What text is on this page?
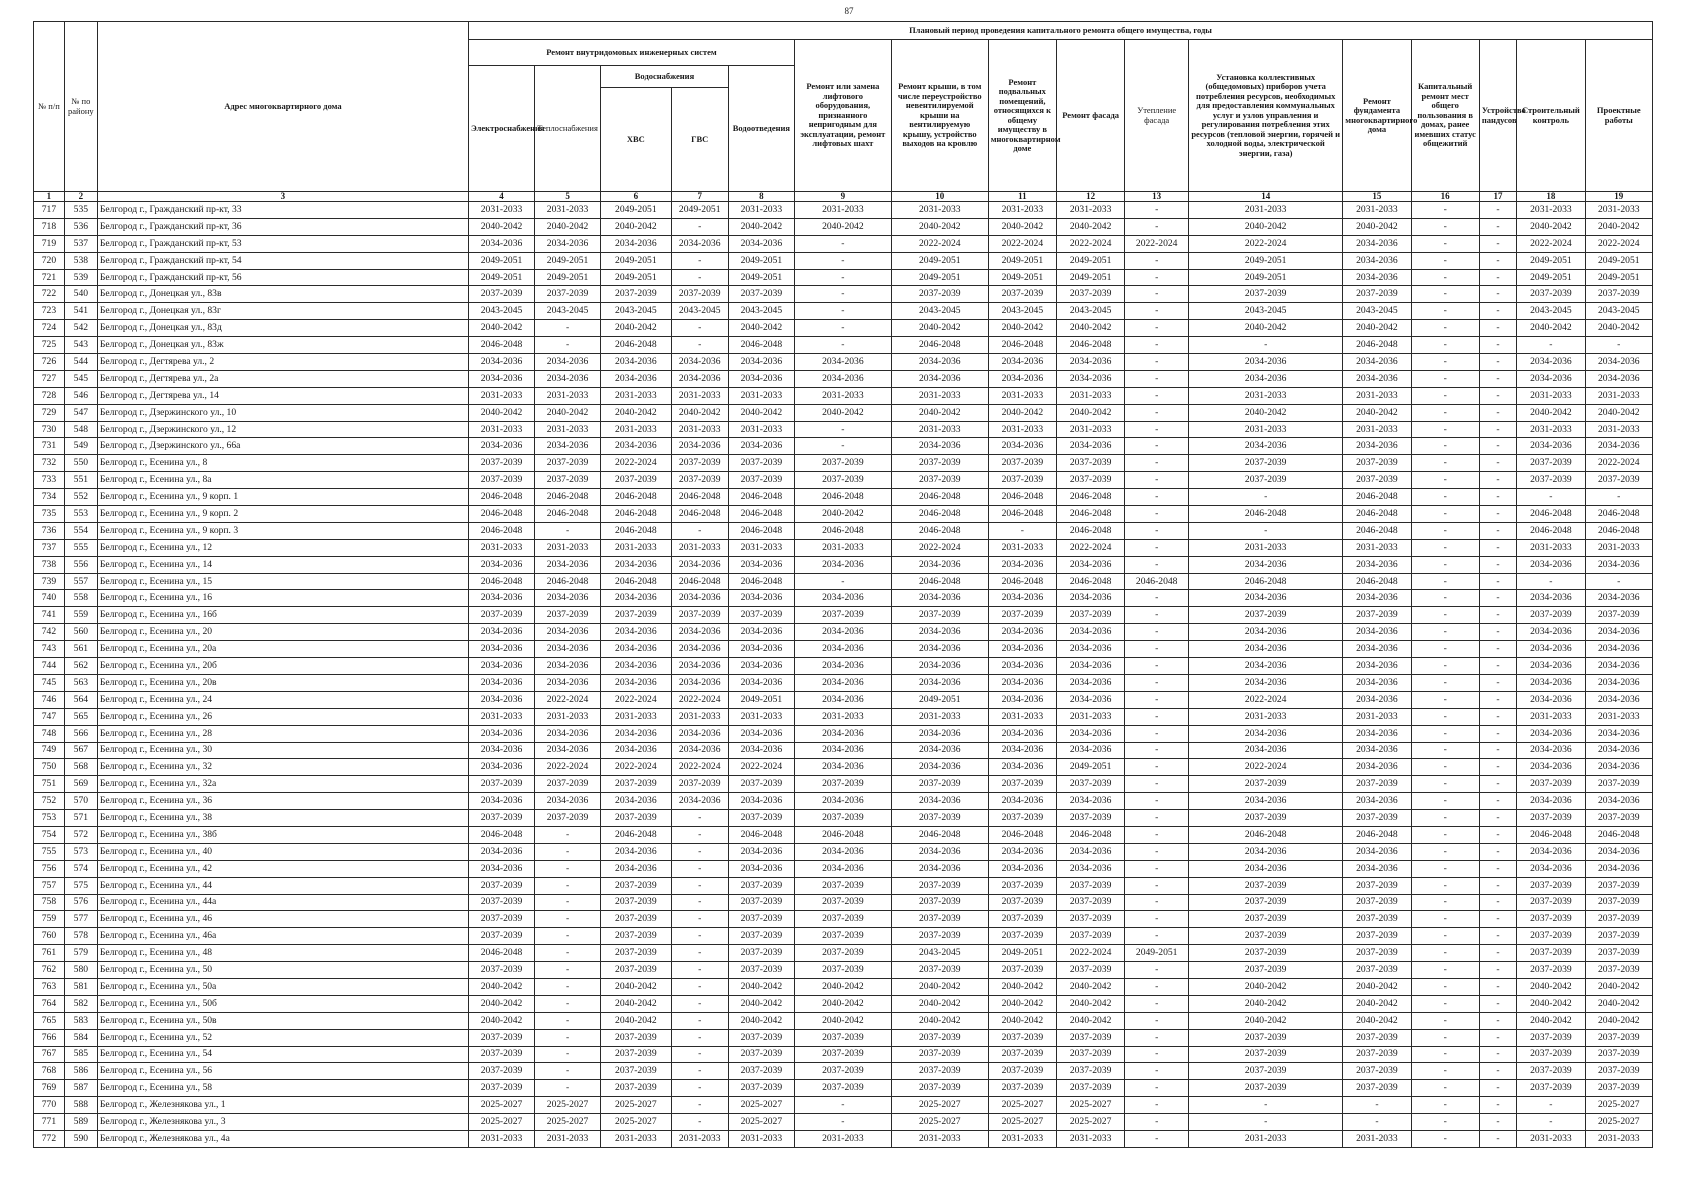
87
№ п/п	№ по району	Адрес многоквартирного дома	Плановый период проведения капитального ремонта общего имущества, годы															
			Ремонт внутридомовых инженерных систем					Ремонт или замена лифтового оборудования, признанного непригодным для эксплуатации, ремонт лифтовых шахт	Ремонт крыши, в том числе переустройство невентилируемой крыши на вентилируемую крышу, устройство выходов на кровлю	Ремонт подвальных помещений, относящихся к общему имуществу в многоквартирном доме	Ремонт фасада	Утепление фасада	Установка коллективных (общедомовых) приборов учета потребления ресурсов, необходимых для предоставления коммунальных услуг и узлов управления и регулирования потребления этих ресурсов (тепловой энергии, горячей и холодной воды, электрической энергии, газа)	Ремонт фундамента многоквартирного дома	Капитальный ремонт мест общего пользования в домах, ранее имевших статус общежитий	Устройство пандусов	Строительный контроль	Проектные работы
			Электроснабжения	Теплоснабжения	Водоснабжения		Водоотведения											
					ХВС	ГВС												
1	2	3	4	5	6	7	8	9	10	11	12	13	14	15	16	17	18	19
717	535	Белгород г., Гражданский пр-кт, 33	2031-2033	2031-2033	2049-2051	2049-2051	2031-2033	2031-2033	2031-2033	2031-2033	2031-2033	-	2031-2033	2031-2033	-	-	2031-2033	2031-2033
718	536	Белгород г., Гражданский пр-кт, 36	2040-2042	2040-2042	2040-2042	-	2040-2042	2040-2042	2040-2042	2040-2042	2040-2042	-	2040-2042	2040-2042	-	-	2040-2042	2040-2042
719	537	Белгород г., Гражданский пр-кт, 53	2034-2036	2034-2036	2034-2036	2034-2036	2034-2036	-	2022-2024	2022-2024	2022-2024	2022-2024	2022-2024	2034-2036	-	-	2022-2024	2022-2024
720	538	Белгород г., Гражданский пр-кт, 54	2049-2051	2049-2051	2049-2051	-	2049-2051	-	2049-2051	2049-2051	2049-2051	-	2049-2051	2034-2036	-	-	2049-2051	2049-2051
721	539	Белгород г., Гражданский пр-кт, 56	2049-2051	2049-2051	2049-2051	-	2049-2051	-	2049-2051	2049-2051	2049-2051	-	2049-2051	2034-2036	-	-	2049-2051	2049-2051
722	540	Белгород г., Донецкая ул., 83в	2037-2039	2037-2039	2037-2039	2037-2039	2037-2039	-	2037-2039	2037-2039	2037-2039	-	2037-2039	2037-2039	-	-	2037-2039	2037-2039
723	541	Белгород г., Донецкая ул., 83г	2043-2045	2043-2045	2043-2045	2043-2045	2043-2045	-	2043-2045	2043-2045	2043-2045	-	2043-2045	2043-2045	-	-	2043-2045	2043-2045
724	542	Белгород г., Донецкая ул., 83д	2040-2042	-	2040-2042	-	2040-2042	-	2040-2042	2040-2042	2040-2042	-	2040-2042	2040-2042	-	-	2040-2042	2040-2042
725	543	Белгород г., Донецкая ул., 83ж	2046-2048	-	2046-2048	-	2046-2048	-	2046-2048	2046-2048	2046-2048	-	-	2046-2048	-	-	-	-
726	544	Белгород г., Дегтярева ул., 2	2034-2036	2034-2036	2034-2036	2034-2036	2034-2036	2034-2036	2034-2036	2034-2036	2034-2036	-	2034-2036	2034-2036	-	-	2034-2036	2034-2036
727	545	Белгород г., Дегтярева ул., 2а	2034-2036	2034-2036	2034-2036	2034-2036	2034-2036	2034-2036	2034-2036	2034-2036	2034-2036	-	2034-2036	2034-2036	-	-	2034-2036	2034-2036
728	546	Белгород г., Дегтярева ул., 14	2031-2033	2031-2033	2031-2033	2031-2033	2031-2033	2031-2033	2031-2033	2031-2033	2031-2033	-	2031-2033	2031-2033	-	-	2031-2033	2031-2033
729	547	Белгород г., Дзержинского ул., 10	2040-2042	2040-2042	2040-2042	2040-2042	2040-2042	2040-2042	2040-2042	2040-2042	2040-2042	-	2040-2042	2040-2042	-	-	2040-2042	2040-2042
730	548	Белгород г., Дзержинского ул., 12	2031-2033	2031-2033	2031-2033	2031-2033	2031-2033	-	2031-2033	2031-2033	2031-2033	-	2031-2033	2031-2033	-	-	2031-2033	2031-2033
731	549	Белгород г., Дзержинского ул., 66а	2034-2036	2034-2036	2034-2036	2034-2036	2034-2036	-	2034-2036	2034-2036	2034-2036	-	2034-2036	2034-2036	-	-	2034-2036	2034-2036
732	550	Белгород г., Есенина ул., 8	2037-2039	2037-2039	2022-2024	2037-2039	2037-2039	2037-2039	2037-2039	2037-2039	2037-2039	-	2037-2039	2037-2039	-	-	2037-2039	2022-2024
733	551	Белгород г., Есенина ул., 8а	2037-2039	2037-2039	2037-2039	2037-2039	2037-2039	2037-2039	2037-2039	2037-2039	2037-2039	-	2037-2039	2037-2039	-	-	2037-2039	2037-2039
734	552	Белгород г., Есенина ул., 9 корп. 1	2046-2048	2046-2048	2046-2048	2046-2048	2046-2048	2046-2048	2046-2048	2046-2048	2046-2048	-	-	2046-2048	-	-	-	-
735	553	Белгород г., Есенина ул., 9 корп. 2	2046-2048	2046-2048	2046-2048	2046-2048	2046-2048	2040-2042	2046-2048	2046-2048	2046-2048	-	2046-2048	2046-2048	-	-	2046-2048	2046-2048
736	554	Белгород г., Есенина ул., 9 корп. 3	2046-2048	-	2046-2048	-	2046-2048	2046-2048	2046-2048	-	2046-2048	-	-	2046-2048	-	-	2046-2048	2046-2048
737	555	Белгород г., Есенина ул., 12	2031-2033	2031-2033	2031-2033	2031-2033	2031-2033	2031-2033	2022-2024	2031-2033	2022-2024	-	2031-2033	2031-2033	-	-	2031-2033	2031-2033
738	556	Белгород г., Есенина ул., 14	2034-2036	2034-2036	2034-2036	2034-2036	2034-2036	2034-2036	2034-2036	2034-2036	2034-2036	-	2034-2036	2034-2036	-	-	2034-2036	2034-2036
739	557	Белгород г., Есенина ул., 15	2046-2048	2046-2048	2046-2048	2046-2048	2046-2048	-	2046-2048	2046-2048	2046-2048	2046-2048	2046-2048	2046-2048	-	-	-	-
740	558	Белгород г., Есенина ул., 16	2034-2036	2034-2036	2034-2036	2034-2036	2034-2036	2034-2036	2034-2036	2034-2036	2034-2036	-	2034-2036	2034-2036	-	-	2034-2036	2034-2036
741	559	Белгород г., Есенина ул., 16б	2037-2039	2037-2039	2037-2039	2037-2039	2037-2039	2037-2039	2037-2039	2037-2039	2037-2039	-	2037-2039	2037-2039	-	-	2037-2039	2037-2039
742	560	Белгород г., Есенина ул., 20	2034-2036	2034-2036	2034-2036	2034-2036	2034-2036	2034-2036	2034-2036	2034-2036	2034-2036	-	2034-2036	2034-2036	-	-	2034-2036	2034-2036
743	561	Белгород г., Есенина ул., 20а	2034-2036	2034-2036	2034-2036	2034-2036	2034-2036	2034-2036	2034-2036	2034-2036	2034-2036	-	2034-2036	2034-2036	-	-	2034-2036	2034-2036
744	562	Белгород г., Есенина ул., 20б	2034-2036	2034-2036	2034-2036	2034-2036	2034-2036	2034-2036	2034-2036	2034-2036	2034-2036	-	2034-2036	2034-2036	-	-	2034-2036	2034-2036
745	563	Белгород г., Есенина ул., 20в	2034-2036	2034-2036	2034-2036	2034-2036	2034-2036	2034-2036	2034-2036	2034-2036	2034-2036	-	2034-2036	2034-2036	-	-	2034-2036	2034-2036
746	564	Белгород г., Есенина ул., 24	2034-2036	2022-2024	2022-2024	2022-2024	2049-2051	2034-2036	2049-2051	2034-2036	2034-2036	-	2022-2024	2034-2036	-	-	2034-2036	2034-2036
747	565	Белгород г., Есенина ул., 26	2031-2033	2031-2033	2031-2033	2031-2033	2031-2033	2031-2033	2031-2033	2031-2033	2031-2033	-	2031-2033	2031-2033	-	-	2031-2033	2031-2033
748	566	Белгород г., Есенина ул., 28	2034-2036	2034-2036	2034-2036	2034-2036	2034-2036	2034-2036	2034-2036	2034-2036	2034-2036	-	2034-2036	2034-2036	-	-	2034-2036	2034-2036
749	567	Белгород г., Есенина ул., 30	2034-2036	2034-2036	2034-2036	2034-2036	2034-2036	2034-2036	2034-2036	2034-2036	2034-2036	-	2034-2036	2034-2036	-	-	2034-2036	2034-2036
750	568	Белгород г., Есенина ул., 32	2034-2036	2022-2024	2022-2024	2022-2024	2022-2024	2034-2036	2034-2036	2034-2036	2049-2051	-	2022-2024	2034-2036	-	-	2034-2036	2034-2036
751	569	Белгород г., Есенина ул., 32а	2037-2039	2037-2039	2037-2039	2037-2039	2037-2039	2037-2039	2037-2039	2037-2039	2037-2039	-	2037-2039	2037-2039	-	-	2037-2039	2037-2039
752	570	Белгород г., Есенина ул., 36	2034-2036	2034-2036	2034-2036	2034-2036	2034-2036	2034-2036	2034-2036	2034-2036	2034-2036	-	2034-2036	2034-2036	-	-	2034-2036	2034-2036
753	571	Белгород г., Есенина ул., 38	2037-2039	2037-2039	2037-2039	-	2037-2039	2037-2039	2037-2039	2037-2039	2037-2039	-	2037-2039	2037-2039	-	-	2037-2039	2037-2039
754	572	Белгород г., Есенина ул., 38б	2046-2048	-	2046-2048	-	2046-2048	2046-2048	2046-2048	2046-2048	2046-2048	-	2046-2048	2046-2048	-	-	2046-2048	2046-2048
755	573	Белгород г., Есенина ул., 40	2034-2036	-	2034-2036	-	2034-2036	2034-2036	2034-2036	2034-2036	2034-2036	-	2034-2036	2034-2036	-	-	2034-2036	2034-2036
756	574	Белгород г., Есенина ул., 42	2034-2036	-	2034-2036	-	2034-2036	2034-2036	2034-2036	2034-2036	2034-2036	-	2034-2036	2034-2036	-	-	2034-2036	2034-2036
757	575	Белгород г., Есенина ул., 44	2037-2039	-	2037-2039	-	2037-2039	2037-2039	2037-2039	2037-2039	2037-2039	-	2037-2039	2037-2039	-	-	2037-2039	2037-2039
758	576	Белгород г., Есенина ул., 44а	2037-2039	-	2037-2039	-	2037-2039	2037-2039	2037-2039	2037-2039	2037-2039	-	2037-2039	2037-2039	-	-	2037-2039	2037-2039
759	577	Белгород г., Есенина ул., 46	2037-2039	-	2037-2039	-	2037-2039	2037-2039	2037-2039	2037-2039	2037-2039	-	2037-2039	2037-2039	-	-	2037-2039	2037-2039
760	578	Белгород г., Есенина ул., 46а	2037-2039	-	2037-2039	-	2037-2039	2037-2039	2037-2039	2037-2039	2037-2039	-	2037-2039	2037-2039	-	-	2037-2039	2037-2039
761	579	Белгород г., Есенина ул., 48	2046-2048	-	2037-2039	-	2037-2039	2037-2039	2043-2045	2049-2051	2022-2024	2049-2051	2037-2039	2037-2039	-	-	2037-2039	2037-2039
762	580	Белгород г., Есенина ул., 50	2037-2039	-	2037-2039	-	2037-2039	2037-2039	2037-2039	2037-2039	2037-2039	-	2037-2039	2037-2039	-	-	2037-2039	2037-2039
763	581	Белгород г., Есенина ул., 50а	2040-2042	-	2040-2042	-	2040-2042	2040-2042	2040-2042	2040-2042	2040-2042	-	2040-2042	2040-2042	-	-	2040-2042	2040-2042
764	582	Белгород г., Есенина ул., 50б	2040-2042	-	2040-2042	-	2040-2042	2040-2042	2040-2042	2040-2042	2040-2042	-	2040-2042	2040-2042	-	-	2040-2042	2040-2042
765	583	Белгород г., Есенина ул., 50в	2040-2042	-	2040-2042	-	2040-2042	2040-2042	2040-2042	2040-2042	2040-2042	-	2040-2042	2040-2042	-	-	2040-2042	2040-2042
766	584	Белгород г., Есенина ул., 52	2037-2039	-	2037-2039	-	2037-2039	2037-2039	2037-2039	2037-2039	2037-2039	-	2037-2039	2037-2039	-	-	2037-2039	2037-2039
767	585	Белгород г., Есенина ул., 54	2037-2039	-	2037-2039	-	2037-2039	2037-2039	2037-2039	2037-2039	2037-2039	-	2037-2039	2037-2039	-	-	2037-2039	2037-2039
768	586	Белгород г., Есенина ул., 56	2037-2039	-	2037-2039	-	2037-2039	2037-2039	2037-2039	2037-2039	2037-2039	-	2037-2039	2037-2039	-	-	2037-2039	2037-2039
769	587	Белгород г., Есенина ул., 58	2037-2039	-	2037-2039	-	2037-2039	2037-2039	2037-2039	2037-2039	2037-2039	-	2037-2039	2037-2039	-	-	2037-2039	2037-2039
770	588	Белгород г., Железнякова ул., 1	2025-2027	2025-2027	2025-2027	-	2025-2027	-	2025-2027	2025-2027	2025-2027	-	-	-	-	-	-	2025-2027
771	589	Белгород г., Железнякова ул., 3	2025-2027	2025-2027	2025-2027	-	2025-2027	-	2025-2027	2025-2027	2025-2027	-	-	-	-	-	-	2025-2027
772	590	Белгород г., Железнякова ул., 4а	2031-2033	2031-2033	2031-2033	2031-2033	2031-2033	2031-2033	2031-2033	2031-2033	2031-2033	-	2031-2033	2031-2033	-	-	2031-2033	2031-2033
